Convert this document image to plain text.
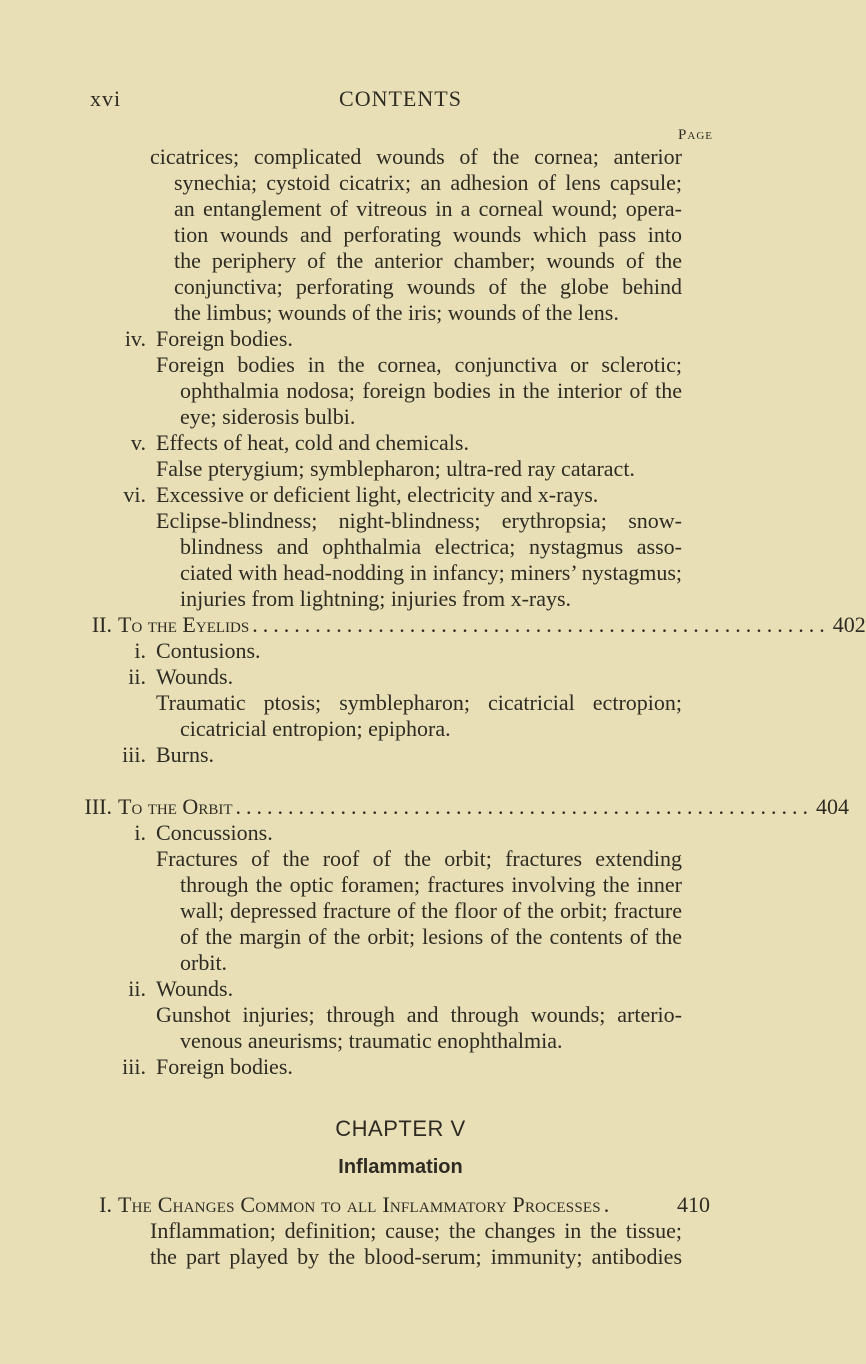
CONTENTS
xvi
Page
cicatrices; complicated wounds of the cornea; anterior
synechia; cystoid cicatrix; an adhesion of lens capsule;
an entanglement of vitreous in a corneal wound; opera-
tion wounds and perforating wounds which pass into
the periphery of the anterior chamber; wounds of the
conjunctiva; perforating wounds of the globe behind
the limbus; wounds of the iris; wounds of the lens.
iv. Foreign bodies.
Foreign bodies in the cornea, conjunctiva or sclerotic;
ophthalmia nodosa; foreign bodies in the interior of the
eye; siderosis bulbi.
v. Effects of heat, cold and chemicals.
False pterygium; symblepharon; ultra-red ray cataract.
vi. Excessive or deficient light, electricity and x-rays.
Eclipse-blindness; night-blindness; erythropsia; snow-
blindness and ophthalmia electrica; nystagmus asso-
ciated with head-nodding in infancy; miners’ nystagmus;
injuries from lightning; injuries from x-rays.
II. To the Eyelids ....................................................... 402
i. Contusions.
ii. Wounds.
Traumatic ptosis; symblepharon; cicatricial ectropion;
cicatricial entropion; epiphora.
iii. Burns.
III. To the Orbit ....................................................... 404
i. Concussions.
Fractures of the roof of the orbit; fractures extending
through the optic foramen; fractures involving the inner
wall; depressed fracture of the floor of the orbit; fracture
of the margin of the orbit; lesions of the contents of the
orbit.
ii. Wounds.
Gunshot injuries; through and through wounds; arterio-
venous aneurisms; traumatic enophthalmia.
iii. Foreign bodies.
CHAPTER V
Inflammation
I. The Changes Common to all Inflammatory Processes .	410
Inflammation; definition; cause; the changes in the tissue;
the part played by the blood-serum; immunity; antibodies
